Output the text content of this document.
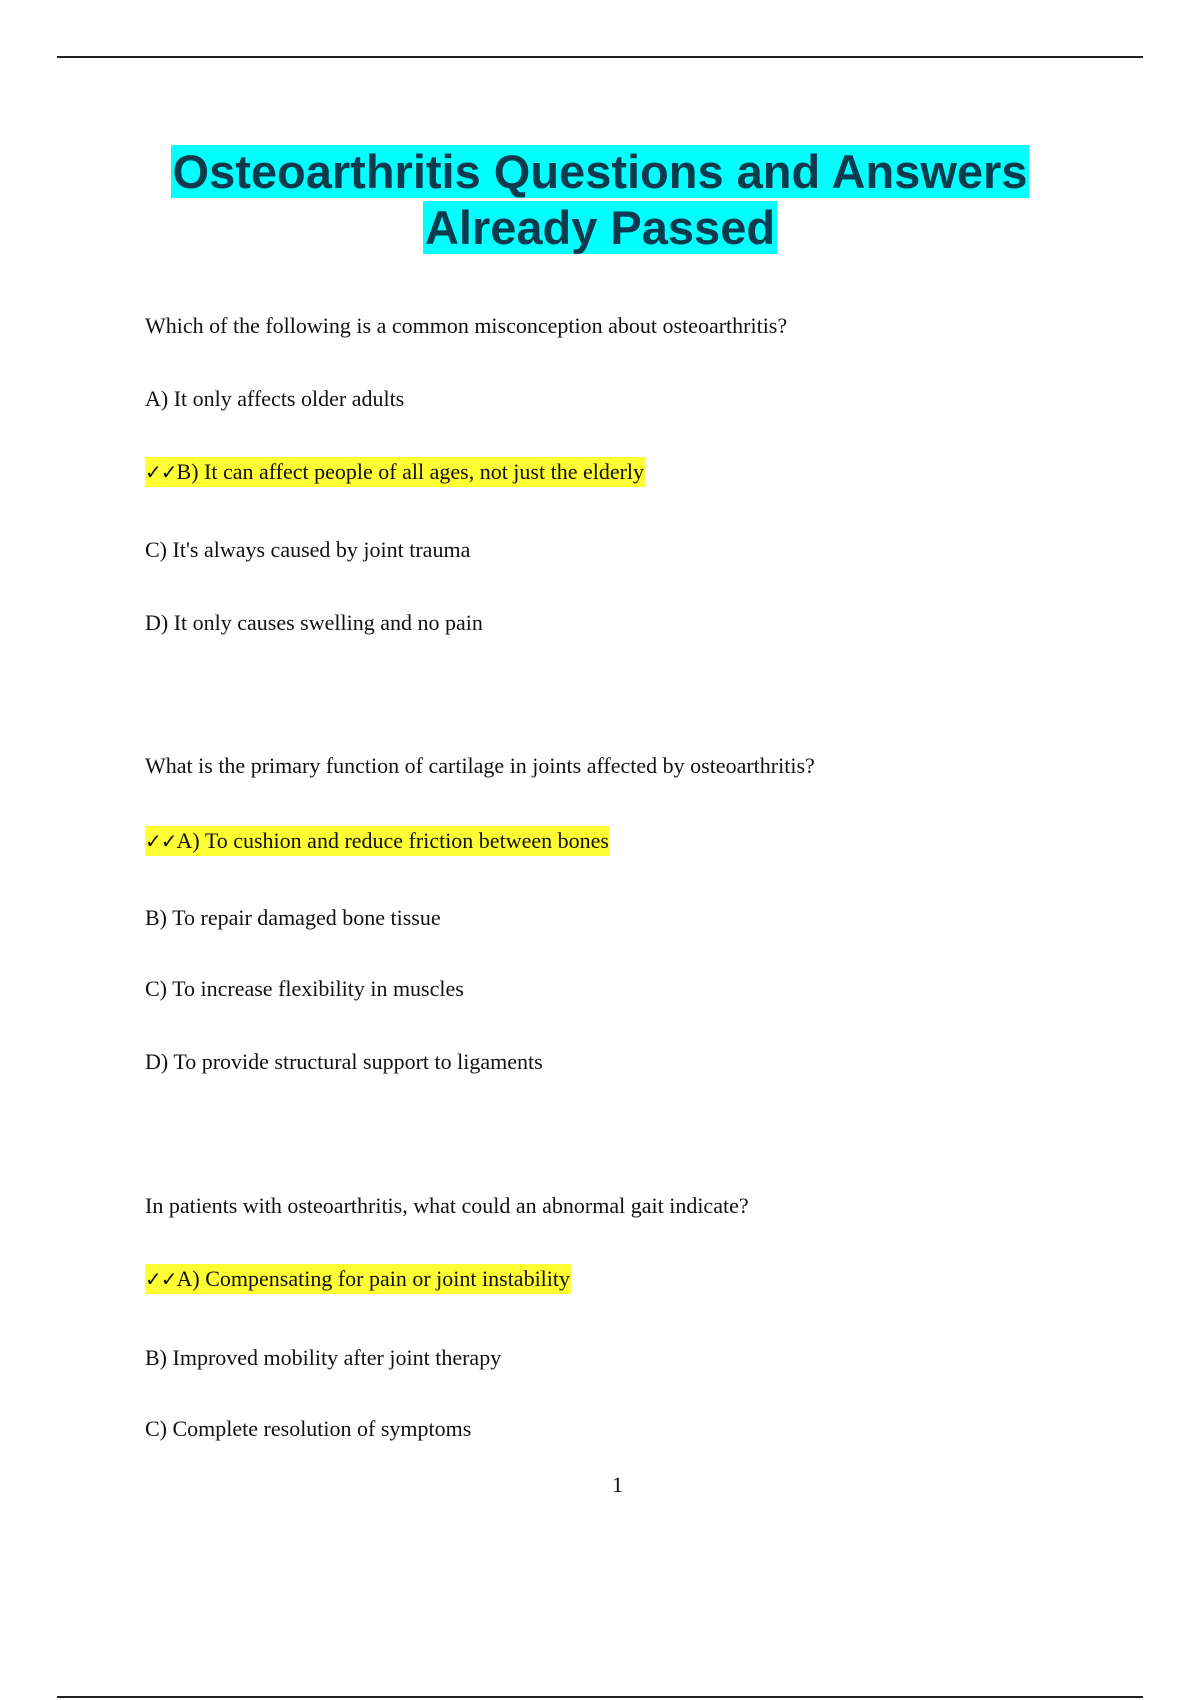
Osteoarthritis Questions and Answers
Already Passed
Which of the following is a common misconception about osteoarthritis?
A) It only affects older adults
✓✓B) It can affect people of all ages, not just the elderly
C) It's always caused by joint trauma
D) It only causes swelling and no pain
What is the primary function of cartilage in joints affected by osteoarthritis?
✓✓A) To cushion and reduce friction between bones
B) To repair damaged bone tissue
C) To increase flexibility in muscles
D) To provide structural support to ligaments
In patients with osteoarthritis, what could an abnormal gait indicate?
✓✓A) Compensating for pain or joint instability
B) Improved mobility after joint therapy
C) Complete resolution of symptoms
1
